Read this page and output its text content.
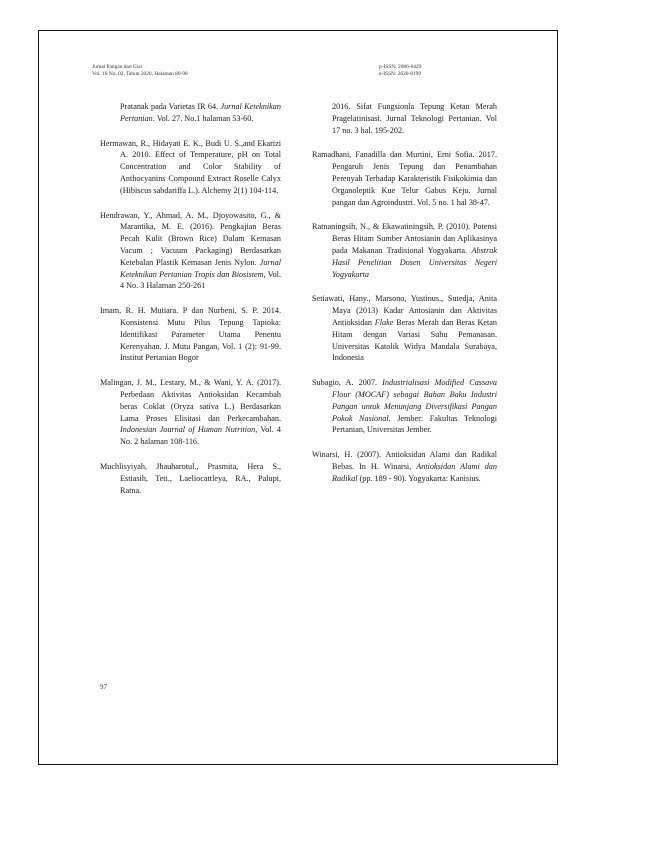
Jurnal Pangan dan Gizi
Vol. 10 No. 02, Tahun 2020, Halaman 80-98
p-ISSN: 2086-6429
e-ISSN: 2620-8199

Pratanak pada Varietas IR 64. Jurnal Keteknikan Pertanian. Vol. 27. No.1 halaman 53-60.

Hermawan, R., Hidayati E. K., Budi U. S.,and Ekarizi A. 2010. Effect of Temperature, pH on Total Concentration and Color Stability of Anthocyanins Compound Extract Roselle Calyx (Hibiscus sabdariffa L.). Alchemy 2(1) 104-114.

Hendrawan, Y., Ahmad, A. M., Djoyowasito, G., & Marantika, M. E. (2016). Pengkajian Beras Pecah Kulit (Brown Rice) Dalam Kemasan Vacum ; Vacuum Packaging) Berdasarkan Ketebalan Plastik Kemasan Jenis Nylon. Jurnal Keteknikan Pertanian Tropis dan Biosistem, Vol. 4 No. 3 Halaman 250-261

Imam, R. H. Mutiara. P dan Nurbeni, S. P. 2014. Konsistensi Mutu Pilus Tepung Tapioka: Identifikasi Parameter Utama Penentu Kerenyahan. J. Mutu Pangan, Vol. 1 (2): 91-99. Institut Pertanian Bogor

Malingan, J. M., Lestary, M., & Wani, Y. A. (2017). Perbedaan Aktivitas Antioksidan Kecambah beras Coklat (Oryza sativa L.) Berdasarkan Lama Proses Elisitasi dan Perkecambahan. Indonesian Journal of Human Nutrition, Vol. 4 No. 2 halaman 108-116.

Muchlisyiyah, Jhauharotul., Prasmita, Hera S., Estiasih, Teti., Laeliocattleya, RA., Palupi, Ratna.

2016. Sifat Fungsionla Tepung Ketan Merah Pragelatinisasi. Jurnal Teknologi Pertanian. Vol 17 no. 3 hal. 195-202.

Ramadhani, Fanadilla dan Murtini, Erni Sofia. 2017. Pengaruh Jenis Tepung dan Penambahan Perenyah Terhadap Karakteristik Fisikokimia dan Organoleptik Kue Telur Gabus Keju. Jurnal pangan dan Agroindustri. Vol. 5 no. 1 hal 38-47.

Ratnaningsih, N., & Ekawatiningsih, P. (2010). Potensi Beras Hitam Sumber Antosianin dan Aplikasinya pada Makanan Tradisional Yogyakarta. Abstrak Hasil Penelitian Dosen Universitas Negeri Yogyakarta

Setiawati, Hany., Marsono, Yustinus., Sutedja, Anita Maya (2013) Kadar Antosianin dan Aktivitas Antioksidan Flake Beras Merah dan Beras Ketan Hitam dengan Variasi Suhu Pemanasan. Universitas Katolik Widya Mandala Surabaya, Indonesia

Subagio, A. 2007. Industrialisasi Modified Cassava Flour (MOCAF) sebagai Bahan Baku Industri Pangan untuk Menunjang Diversifikasi Pangan Pokok Nasional. Jember: Fakultas Teknologi Pertanian, Universitas Jember.

Winarsi, H. (2007). Antioksidan Alami dan Radikal Bebas. In H. Winarsi, Antioksidan Alami dan Radikal (pp. 189 - 90). Yogyakarta: Kanisius.

97
